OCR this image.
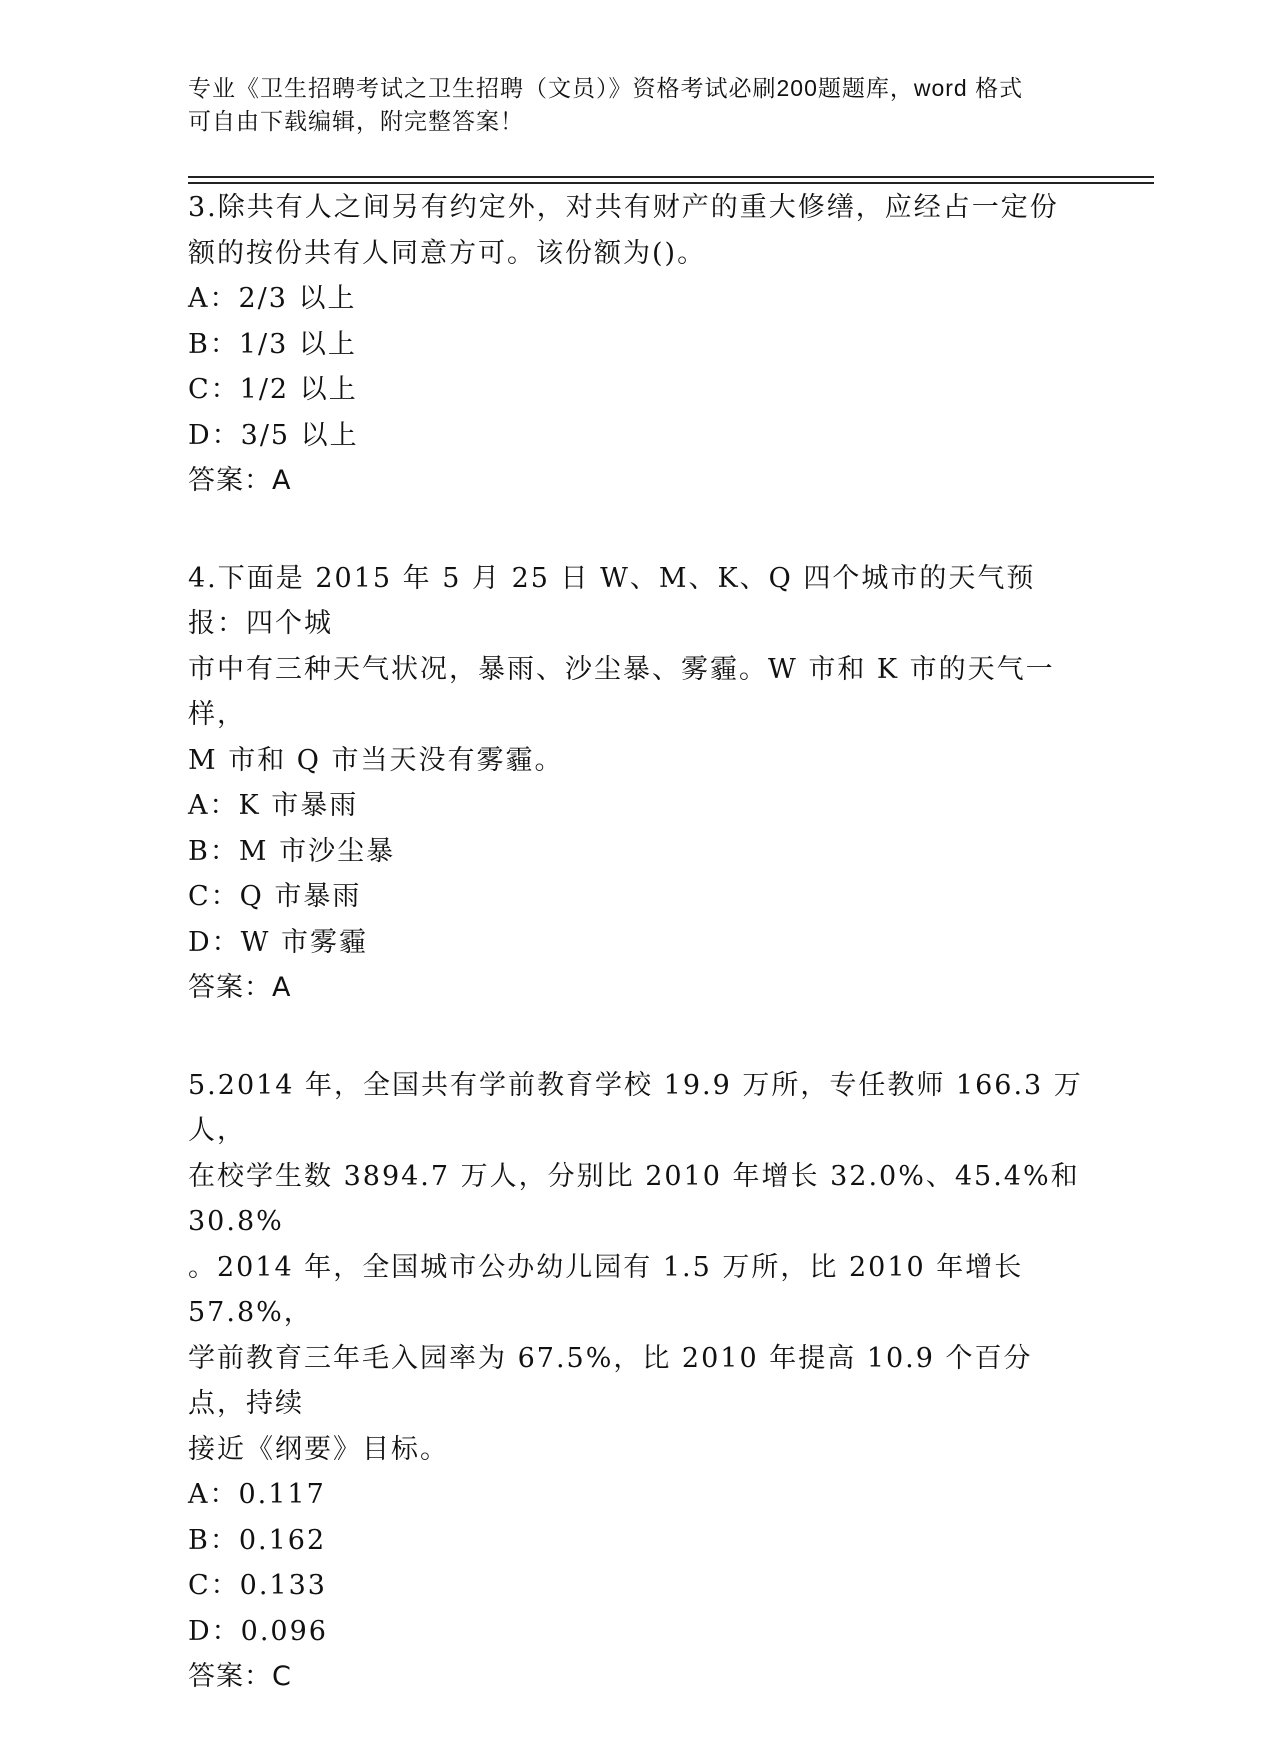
专业《卫生招聘考试之卫生招聘（文员）》资格考试必刷200题题库，word 格式
可自由下载编辑，附完整答案！

3.除共有人之间另有约定外，对共有财产的重大修缮，应经占一定份

额的按份共有人同意方可。该份额为()。

A：2/3 以上

B：1/3 以上

C：1/2 以上

D：3/5 以上

答案：A

4.下面是 2015 年 5 月 25 日 W、M、K、Q 四个城市的天气预报：四个城

市中有三种天气状况，暴雨、沙尘暴、雾霾。W 市和 K 市的天气一样，

M 市和 Q 市当天没有雾霾。

A：K 市暴雨

B：M 市沙尘暴

C：Q 市暴雨

D：W 市雾霾

答案：A

5.2014 年，全国共有学前教育学校 19.9 万所，专任教师 166.3 万人，

在校学生数 3894.7 万人，分别比 2010 年增长 32.0%、45.4%和 30.8%

。2014 年，全国城市公办幼儿园有 1.5 万所，比 2010 年增长 57.8%，

学前教育三年毛入园率为 67.5%，比 2010 年提高 10.9 个百分点，持续

接近《纲要》目标。

A：0.117

B：0.162

C：0.133

D：0.096

答案：C
